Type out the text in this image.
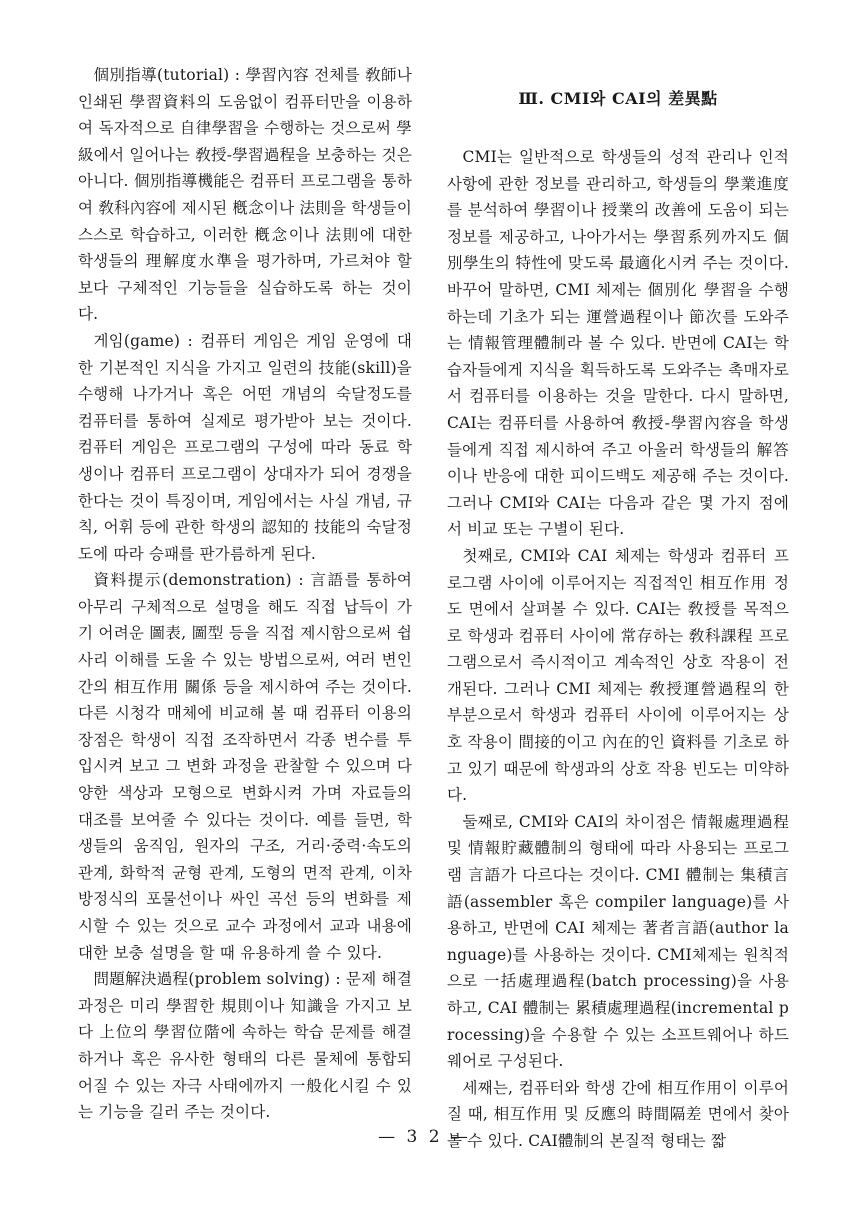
個別指導(tutorial) : 學習內容 전체를 敎師나 인쇄된 學習資料의 도움없이 컴퓨터만을 이용하여 독자적으로 自律學習을 수행하는 것으로써 學級에서 일어나는 敎授-學習過程을 보충하는 것은 아니다. 個別指導機能은 컴퓨터 프로그램을 통하여 敎科內容에 제시된 槪念이나 法則을 학생들이 스스로 학습하고, 이러한 槪念이나 法則에 대한 학생들의 理解度水準을 평가하며, 가르쳐야 할 보다 구체적인 기능들을 실습하도록 하는 것이다.

게임(game) : 컴퓨터 게임은 게임 운영에 대한 기본적인 지식을 가지고 일련의 技能(skill)을 수행해 나가거나 혹은 어떤 개념의 숙달정도를 컴퓨터를 통하여 실제로 평가받아 보는 것이다. 컴퓨터 게임은 프로그램의 구성에 따라 동료 학생이나 컴퓨터 프로그램이 상대자가 되어 경쟁을 한다는 것이 특징이며, 게임에서는 사실 개념, 규칙, 어휘 등에 관한 학생의 認知的 技能의 숙달정도에 따라 승패를 판가름하게 된다.

資料提示(demonstration) : 言語를 통하여 아무리 구체적으로 설명을 해도 직접 납득이 가기 어려운 圖表, 圖型 등을 직접 제시함으로써 쉽사리 이해를 도울 수 있는 방법으로써, 여러 변인 간의 相互作用 關係 등을 제시하여 주는 것이다. 다른 시청각 매체에 비교해 볼 때 컴퓨터 이용의 장점은 학생이 직접 조작하면서 각종 변수를 투입시켜 보고 그 변화 과정을 관찰할 수 있으며 다양한 색상과 모형으로 변화시켜 가며 자료들의 대조를 보여줄 수 있다는 것이다. 예를 들면, 학생들의 움직임, 원자의 구조, 거리·중력·속도의 관계, 화학적 균형 관계, 도형의 면적 관계, 이차 방정식의 포물선이나 싸인 곡선 등의 변화를 제시할 수 있는 것으로 교수 과정에서 교과 내용에 대한 보충 설명을 할 때 유용하게 쓸 수 있다.

問題解決過程(problem solving) : 문제 해결 과정은 미리 學習한 規則이나 知識을 가지고 보다 上位의 學習位階에 속하는 학습 문제를 해결하거나 혹은 유사한 형태의 다른 물체에 통합되어질 수 있는 자극 사태에까지 一般化시킬 수 있는 기능을 길러 주는 것이다.

Ⅲ. CMI와 CAI의 差異點

CMI는 일반적으로 학생들의 성적 관리나 인적 사항에 관한 정보를 관리하고, 학생들의 學業進度를 분석하여 學習이나 授業의 改善에 도움이 되는 정보를 제공하고, 나아가서는 學習系列까지도 個別學生의 特性에 맞도록 最適化시켜 주는 것이다. 바꾸어 말하면, CMI 체제는 個別化 學習을 수행하는데 기초가 되는 運營過程이나 節次를 도와주는 情報管理體制라 볼 수 있다. 반면에 CAI는 학습자들에게 지식을 획득하도록 도와주는 촉매자로서 컴퓨터를 이용하는 것을 말한다. 다시 말하면, CAI는 컴퓨터를 사용하여 敎授-學習內容을 학생들에게 직접 제시하여 주고 아울러 학생들의 解答이나 반응에 대한 피이드백도 제공해 주는 것이다. 그러나 CMI와 CAI는 다음과 같은 몇 가지 점에서 비교 또는 구별이 된다.

첫째로, CMI와 CAI 체제는 학생과 컴퓨터 프로그램 사이에 이루어지는 직접적인 相互作用 정도 면에서 살펴볼 수 있다. CAI는 敎授를 목적으로 학생과 컴퓨터 사이에 常存하는 敎科課程 프로그램으로서 즉시적이고 계속적인 상호 작용이 전개된다. 그러나 CMI 체제는 敎授運營過程의 한 부분으로서 학생과 컴퓨터 사이에 이루어지는 상호 작용이 間接的이고 內在的인 資料를 기초로 하고 있기 때문에 학생과의 상호 작용 빈도는 미약하다.

둘째로, CMI와 CAI의 차이점은 情報處理過程 및 情報貯藏體制의 형태에 따라 사용되는 프로그램 言語가 다르다는 것이다. CMI 體制는 集積言語(assembler 혹은 compiler language)를 사용하고, 반면에 CAI 체제는 著者言語(author language)를 사용하는 것이다. CMI체제는 원칙적으로 一括處理過程(batch processing)을 사용하고, CAI 體制는 累積處理過程(incremental processing)을 수용할 수 있는 소프트웨어나 하드웨어로 구성된다.

세째는, 컴퓨터와 학생 간에 相互作用이 이루어질 때, 相互作用 및 反應의 時間隔差 면에서 찾아볼 수 있다. CAI體制의 본질적 형태는 짧

— 3 2 —
